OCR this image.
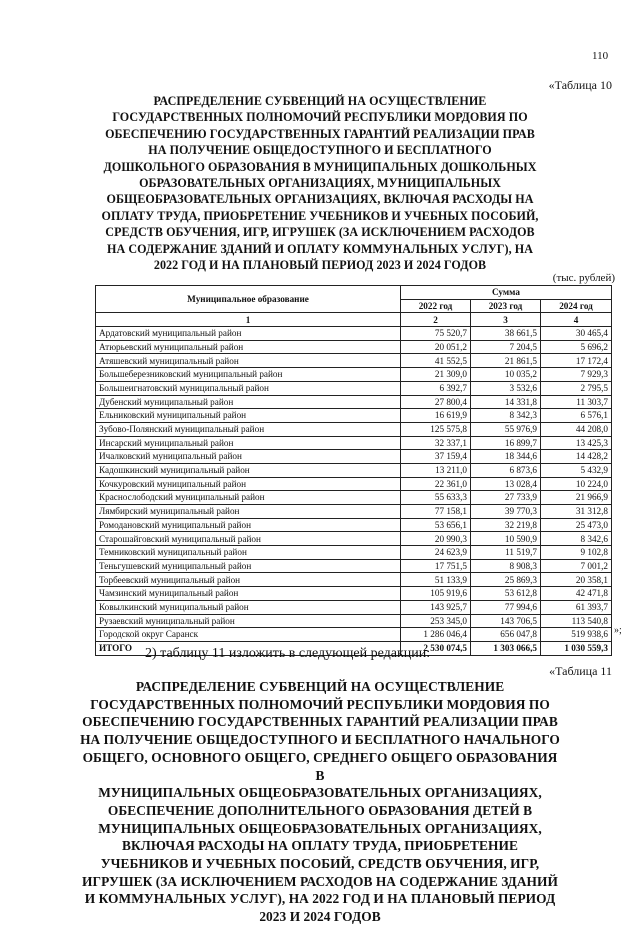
110
«Таблица 10
РАСПРЕДЕЛЕНИЕ СУБВЕНЦИЙ НА ОСУЩЕСТВЛЕНИЕ
ГОСУДАРСТВЕННЫХ ПОЛНОМОЧИЙ РЕСПУБЛИКИ МОРДОВИЯ ПО
ОБЕСПЕЧЕНИЮ ГОСУДАРСТВЕННЫХ ГАРАНТИЙ РЕАЛИЗАЦИИ ПРАВ
НА ПОЛУЧЕНИЕ ОБЩЕДОСТУПНОГО И БЕСПЛАТНОГО
ДОШКОЛЬНОГО ОБРАЗОВАНИЯ В МУНИЦИПАЛЬНЫХ ДОШКОЛЬНЫХ
ОБРАЗОВАТЕЛЬНЫХ ОРГАНИЗАЦИЯХ, МУНИЦИПАЛЬНЫХ
ОБЩЕОБРАЗОВАТЕЛЬНЫХ ОРГАНИЗАЦИЯХ, ВКЛЮЧАЯ РАСХОДЫ НА
ОПЛАТУ ТРУДА, ПРИОБРЕТЕНИЕ УЧЕБНИКОВ И УЧЕБНЫХ ПОСОБИЙ,
СРЕДСТВ ОБУЧЕНИЯ, ИГР, ИГРУШЕК (ЗА ИСКЛЮЧЕНИЕМ РАСХОДОВ
НА СОДЕРЖАНИЕ ЗДАНИЙ И ОПЛАТУ КОММУНАЛЬНЫХ УСЛУГ), НА
2022 ГОД И НА ПЛАНОВЫЙ ПЕРИОД 2023 И 2024 ГОДОВ
(тыс. рублей)
Муниципальное образование	Сумма		
	2022 год	2023 год	2024 год
1	2	3	4
Ардатовский муниципальный район	75 520,7	38 661,5	30 465,4
Атюрьевский муниципальный район	20 051,2	7 204,5	5 696,2
Атяшевский муниципальный район	41 552,5	21 861,5	17 172,4
Большеберезниковский муниципальный район	21 309,0	10 035,2	7 929,3
Большеигнатовский муниципальный район	6 392,7	3 532,6	2 795,5
Дубенский муниципальный район	27 800,4	14 331,8	11 303,7
Ельниковский муниципальный район	16 619,9	8 342,3	6 576,1
Зубово-Полянский муниципальный район	125 575,8	55 976,9	44 208,0
Инсарский муниципальный район	32 337,1	16 899,7	13 425,3
Ичалковский муниципальный район	37 159,4	18 344,6	14 428,2
Кадошкинский муниципальный район	13 211,0	6 873,6	5 432,9
Кочкуровский муниципальный район	22 361,0	13 028,4	10 224,0
Краснослободский муниципальный район	55 633,3	27 733,9	21 966,9
Лямбирский муниципальный район	77 158,1	39 770,3	31 312,8
Ромодановский муниципальный район	53 656,1	32 219,8	25 473,0
Старошайговский муниципальный район	20 990,3	10 590,9	8 342,6
Темниковский муниципальный район	24 623,9	11 519,7	9 102,8
Теньгушевский муниципальный район	17 751,5	8 908,3	7 001,2
Торбеевский муниципальный район	51 133,9	25 869,3	20 358,1
Чамзинский муниципальный район	105 919,6	53 612,8	42 471,8
Ковылкинский муниципальный район	143 925,7	77 994,6	61 393,7
Рузаевский муниципальный район	253 345,0	143 706,5	113 540,8
Городской округ Саранск	1 286 046,4	656 047,8	519 938,6
ИТОГО	2 530 074,5	1 303 066,5	1 030 559,3
»;
2) таблицу 11 изложить в следующей редакции:
«Таблица 11
РАСПРЕДЕЛЕНИЕ СУБВЕНЦИЙ НА ОСУЩЕСТВЛЕНИЕ
ГОСУДАРСТВЕННЫХ ПОЛНОМОЧИЙ РЕСПУБЛИКИ МОРДОВИЯ ПО
ОБЕСПЕЧЕНИЮ ГОСУДАРСТВЕННЫХ ГАРАНТИЙ РЕАЛИЗАЦИИ ПРАВ
НА ПОЛУЧЕНИЕ ОБЩЕДОСТУПНОГО И БЕСПЛАТНОГО НАЧАЛЬНОГО
ОБЩЕГО, ОСНОВНОГО ОБЩЕГО, СРЕДНЕГО ОБЩЕГО ОБРАЗОВАНИЯ В
МУНИЦИПАЛЬНЫХ ОБЩЕОБРАЗОВАТЕЛЬНЫХ ОРГАНИЗАЦИЯХ,
ОБЕСПЕЧЕНИЕ ДОПОЛНИТЕЛЬНОГО ОБРАЗОВАНИЯ ДЕТЕЙ В
МУНИЦИПАЛЬНЫХ ОБЩЕОБРАЗОВАТЕЛЬНЫХ ОРГАНИЗАЦИЯХ,
ВКЛЮЧАЯ РАСХОДЫ НА ОПЛАТУ ТРУДА, ПРИОБРЕТЕНИЕ
УЧЕБНИКОВ И УЧЕБНЫХ ПОСОБИЙ, СРЕДСТВ ОБУЧЕНИЯ, ИГР,
ИГРУШЕК (ЗА ИСКЛЮЧЕНИЕМ РАСХОДОВ НА СОДЕРЖАНИЕ ЗДАНИЙ
И КОММУНАЛЬНЫХ УСЛУГ), НА 2022 ГОД И НА ПЛАНОВЫЙ ПЕРИОД
2023 И 2024 ГОДОВ
